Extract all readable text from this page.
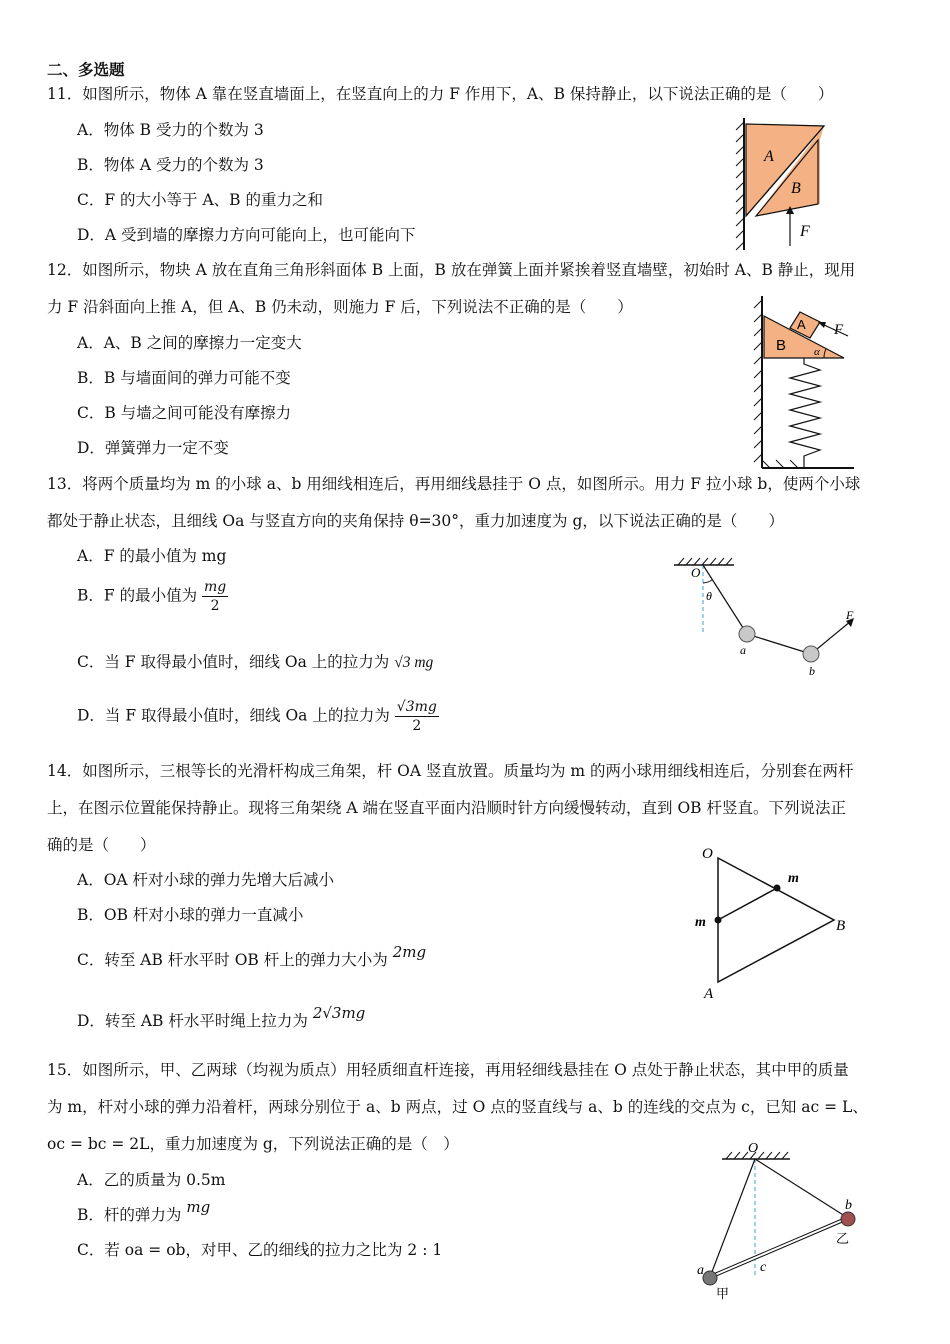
二、多选题
11．如图所示，物体 A 靠在竖直墙面上，在竖直向上的力 F 作用下，A、B 保持静止，以下说法正确的是（　　）
A．物体 B 受力的个数为 3
B．物体 A 受力的个数为 3
C．F 的大小等于 A、B 的重力之和
D．A 受到墙的摩擦力方向可能向上，也可能向下
A
B
F
12．如图所示，物块 A 放在直角三角形斜面体 B 上面，B 放在弹簧上面并紧挨着竖直墙壁，初始时 A、B 静止，现用
力 F 沿斜面向上推 A，但 A、B 仍未动，则施力 F 后，下列说法不正确的是（　　）
A．A、B 之间的摩擦力一定变大
B．B 与墙面间的弹力可能不变
C．B 与墙之间可能没有摩擦力
D．弹簧弹力一定不变
B
A F
α
13．将两个质量均为 m 的小球 a、b 用细线相连后，再用细线悬挂于 O 点，如图所示。用力 F 拉小球 b，使两个小球
都处于静止状态，且细线 Oa 与竖直方向的夹角保持 θ=30°，重力加速度为 g，以下说法正确的是（　　）
A．F 的最小值为 mg
B．F 的最小值为 $\frac{mg}{2}$
C．当 F 取得最小值时，细线 Oa 上的拉力为 √3 mg
D．当 F 取得最小值时，细线 Oa 上的拉力为 $\frac{√3mg}{2}$
O
θ
a
b
F
14．如图所示，三根等长的光滑杆构成三角架，杆 OA 竖直放置。质量均为 m 的两小球用细线相连后，分别套在两杆
上，在图示位置能保持静止。现将三角架绕 A 端在竖直平面内沿顺时针方向缓慢转动，直到 OB 杆竖直。下列说法正
确的是（　　）
A．OA 杆对小球的弹力先增大后减小
B．OB 杆对小球的弹力一直减小
C．转至 AB 杆水平时 OB 杆上的弹力大小为 2mg
D．转至 AB 杆水平时绳上拉力为 2√3mg
O
m
m	B
A
15．如图所示，甲、乙两球（均视为质点）用轻质细直杆连接，再用轻细线悬挂在 O 点处于静止状态，其中甲的质量
为 m，杆对小球的弹力沿着杆，两球分别位于 a、b 两点，过 O 点的竖直线与 a、b 的连线的交点为 c，已知 ac = L、
oc = bc = 2L，重力加速度为 g，下列说法正确的是（　）
A．乙的质量为 0.5m
B．杆的弹力为 mg
C．若 oa = ob，对甲、乙的细线的拉力之比为 2 : 1
O
b
乙
a	c
甲
